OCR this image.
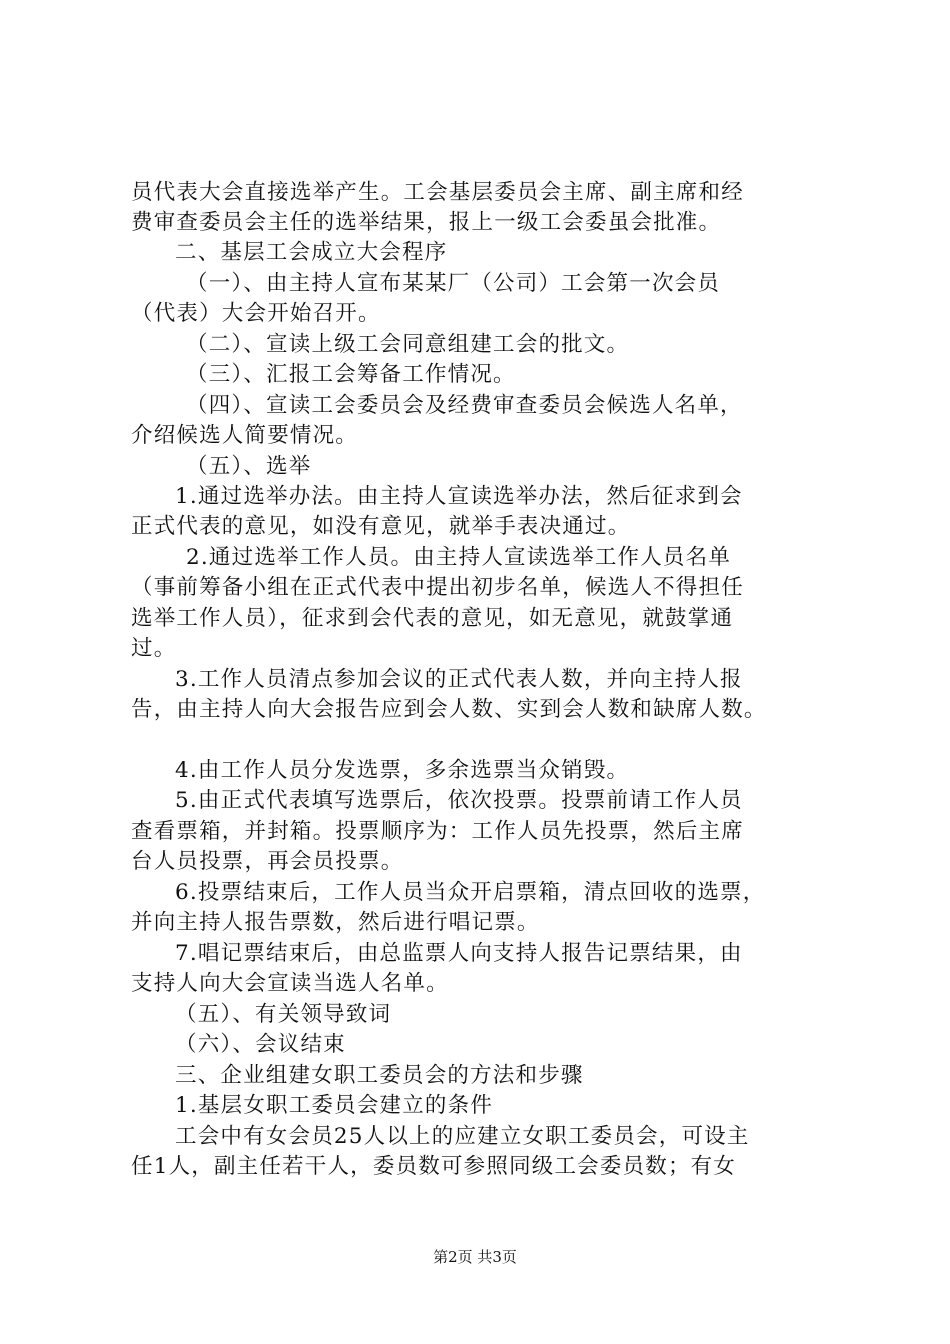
员代表大会直接选举产生。工会基层委员会主席、副主席和经
费审查委员会主任的选举结果，报上一级工会委虽会批准。
二、基层工会成立大会程序
（一）、由主持人宣布某某厂（公司）工会第一次会员
（代表）大会开始召开。
（二）、宣读上级工会同意组建工会的批文。
（三）、汇报工会筹备工作情况。
（四）、宣读工会委员会及经费审查委员会候选人名单，
介绍候选人简要情况。
（五）、选举
1.通过选举办法。由主持人宣读选举办法，然后征求到会
正式代表的意见，如没有意见，就举手表决通过。
2.通过选举工作人员。由主持人宣读选举工作人员名单
（事前筹备小组在正式代表中提出初步名单，候选人不得担任
选举工作人员），征求到会代表的意见，如无意见，就鼓掌通
过。
3.工作人员清点参加会议的正式代表人数，并向主持人报
告，由主持人向大会报告应到会人数、实到会人数和缺席人数。
4.由工作人员分发选票，多余选票当众销毁。
5.由正式代表填写选票后，依次投票。投票前请工作人员
查看票箱，并封箱。投票顺序为：工作人员先投票，然后主席
台人员投票，再会员投票。
6.投票结束后，工作人员当众开启票箱，清点回收的选票，
并向主持人报告票数，然后进行唱记票。
7.唱记票结束后，由总监票人向支持人报告记票结果，由
支持人向大会宣读当选人名单。
（五）、有关领导致词
（六）、会议结束
三、企业组建女职工委员会的方法和步骤
1.基层女职工委员会建立的条件
工会中有女会员25人以上的应建立女职工委员会，可设主
任1人，副主任若干人，委员数可参照同级工会委员数；有女
第2页 共3页
